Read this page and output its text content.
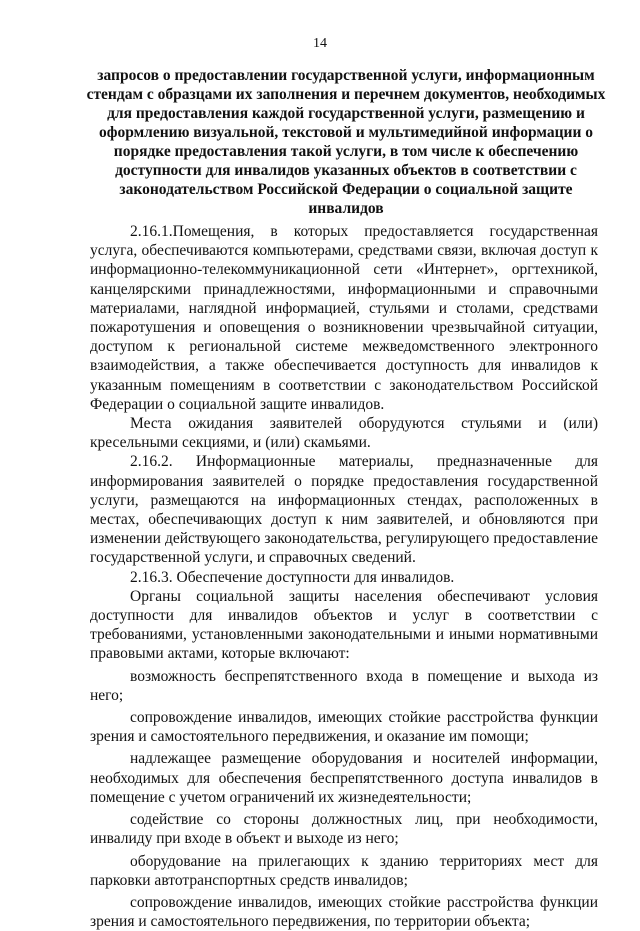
14
запросов о предоставлении государственной услуги, информационным стендам с образцами их заполнения и перечнем документов, необходимых для предоставления каждой государственной услуги, размещению и оформлению визуальной, текстовой и мультимедийной информации о порядке предоставления такой услуги, в том числе к обеспечению доступности для инвалидов указанных объектов в соответствии с законодательством Российской Федерации о социальной защите инвалидов

2.16.1.Помещения, в которых предоставляется государственная услуга, обеспечиваются компьютерами, средствами связи, включая доступ к информационно-телекоммуникационной сети «Интернет», оргтехникой, канцелярскими принадлежностями, информационными и справочными материалами, наглядной информацией, стульями и столами, средствами пожаротушения и оповещения о возникновении чрезвычайной ситуации, доступом к региональной системе межведомственного электронного взаимодействия, а также обеспечивается доступность для инвалидов к указанным помещениям в соответствии с законодательством Российской Федерации о социальной защите инвалидов.

Места ожидания заявителей оборудуются стульями и (или) кресельными секциями, и (или) скамьями.

2.16.2. Информационные материалы, предназначенные для информирования заявителей о порядке предоставления государственной услуги, размещаются на информационных стендах, расположенных в местах, обеспечивающих доступ к ним заявителей, и обновляются при изменении действующего законодательства, регулирующего предоставление государственной услуги, и справочных сведений.

2.16.3. Обеспечение доступности для инвалидов.

Органы социальной защиты населения обеспечивают условия доступности для инвалидов объектов и услуг в соответствии с требованиями, установленными законодательными и иными нормативными правовыми актами, которые включают:

возможность беспрепятственного входа в помещение и выхода из него;

сопровождение инвалидов, имеющих стойкие расстройства функции зрения и самостоятельного передвижения, и оказание им помощи;

надлежащее размещение оборудования и носителей информации, необходимых для обеспечения беспрепятственного доступа инвалидов в помещение с учетом ограничений их жизнедеятельности;

содействие со стороны должностных лиц, при необходимости, инвалиду при входе в объект и выходе из него;

оборудование на прилегающих к зданию территориях мест для парковки автотранспортных средств инвалидов;

сопровождение инвалидов, имеющих стойкие расстройства функции зрения и самостоятельного передвижения, по территории объекта;
